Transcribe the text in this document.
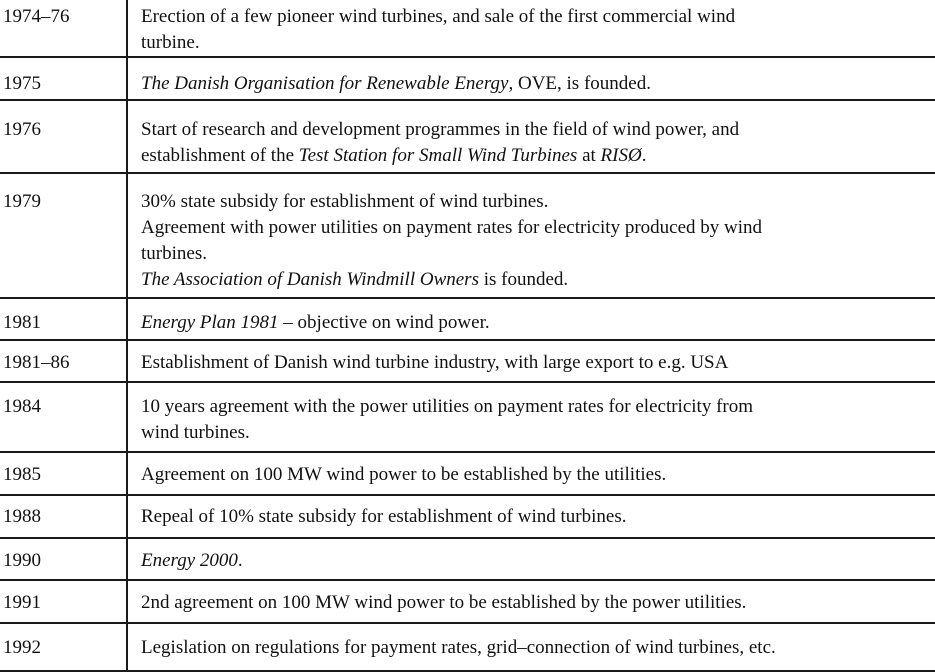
1974–76	Erection of a few pioneer wind turbines, and sale of the first commercial wind
turbine.

1975	The Danish Organisation for Renewable Energy, OVE, is founded.

1976	Start of research and development programmes in the field of wind power, and
establishment of the Test Station for Small Wind Turbines at RISØ.

1979	30% state subsidy for establishment of wind turbines.
Agreement with power utilities on payment rates for electricity produced by wind
turbines.
The Association of Danish Windmill Owners is founded.

1981	Energy Plan 1981 – objective on wind power.

1981–86	Establishment of Danish wind turbine industry, with large export to e.g. USA

1984	10 years agreement with the power utilities on payment rates for electricity from
wind turbines.

1985	Agreement on 100 MW wind power to be established by the utilities.

1988	Repeal of 10% state subsidy for establishment of wind turbines.

1990	Energy 2000.

1991	2nd agreement on 100 MW wind power to be established by the power utilities.

1992	Legislation on regulations for payment rates, grid–connection of wind turbines, etc.
